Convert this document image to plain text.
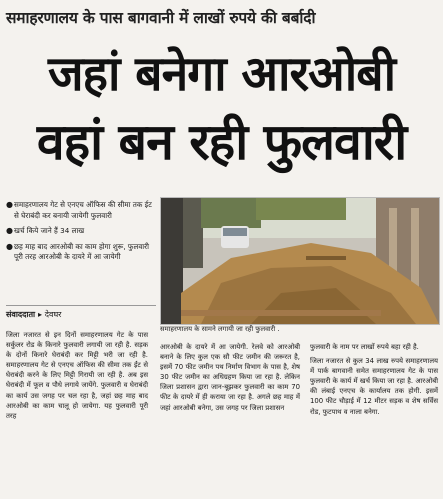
समाहरणालय के पास बागवानी में लाखों रुपये की बर्बादी
जहां बनेगा आरओबी
वहां बन रही फुलवारी
● समाहरणालय गेट से एनएच ऑफिस की सीमा तक ईट से घेराबंदी कर बनायी जायेगी फुलवारी
● खर्च किये जाने हैं 34 लाख
● छह माह बाद आरओबी का काम होगा शुरू, फुलवारी पूरी तरह आरओबी के दायरे में आ जायेगी
संवाददाता ▸ देवघर
समाहरणालय के सामने लगायी जा रही फुलवारी .

जिला नजारत से इन दिनों समाहरणालय गेट के पास सर्कुलर रोड के किनारे फुलवारी लगायी जा रही है. सड़क के दोनों किनारे घेराबंदी कर मिट्टी भरी जा रही है. समाहरणालय गेट से एनएच ऑफिस की सीमा तक ईंट से घेराबंदी करने के लिए मिट्टी गिरायी जा रही है. अब इस घेराबंदी में फूल व पौधे लगाये जायेंगे. फुलवारी व घेराबंदी का कार्य उस जगह पर चल रहा है, जहां छह माह बाद आरओबी का काम चालू हो जायेगा. यह फुलवारी पूरी तरह

आरओबी के दायरे में आ जायेगी. रेलवे को आरओबी बनाने के लिए कुल एक सौ फीट जमीन की जरूरत है, इसमें 70 फीट जमीन पथ निर्माण विभाग के पास है, शेष 30 फीट जमीन का अधिग्रहण किया जा रहा है. लेकिन जिला प्रशासन द्वारा जान-बूझकर फुलवारी का काम 70 फीट के दायरे में ही कराया जा रहा है. अगले छह माह में जहां आरओबी बनेगा, उस जगह पर जिला प्रशासन

फुलवारी के नाम पर लाखों रुपये बहा रही है.

जिला नजारत से कुल 34 लाख रुपये समाहरणालय में पार्क बागवानी समेत समाहरणालय गेट के पास फुलवारी के कार्य में खर्च किया जा रहा है. आरओबी की लंबाई एनएच के कार्यालय तक होगी. इसमें 100 फीट चौड़ाई में 12 मीटर सड़क व शेष सर्विस रोड, फुटपाथ व नाला बनेगा.
